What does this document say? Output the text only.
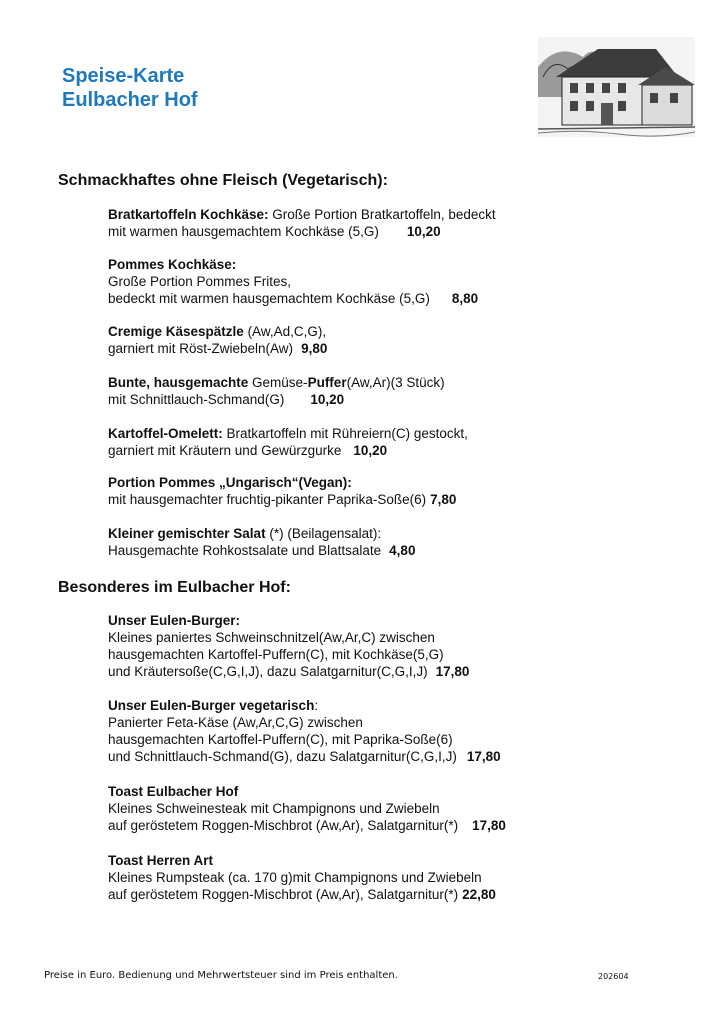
Speise-Karte
Eulbacher Hof
Schmackhaftes ohne Fleisch (Vegetarisch):
Bratkartoffeln Kochkäse: Große Portion Bratkartoffeln, bedeckt
mit warmen hausgemachtem Kochkäse (5,G) 10,20
Pommes Kochkäse:
Große Portion Pommes Frites,
bedeckt mit warmen hausgemachtem Kochkäse (5,G) 8,80
Cremige Käsespätzle (Aw,Ad,C,G),
garniert mit Röst-Zwiebeln(Aw) 9,80
Bunte, hausgemachte Gemüse-Puffer(Aw,Ar)(3 Stück)
mit Schnittlauch-Schmand(G) 10,20
Kartoffel-Omelett: Bratkartoffeln mit Rühreiern(C) gestockt,
garniert mit Kräutern und Gewürzgurke 10,20
Portion Pommes „Ungarisch“(Vegan):
mit hausgemachter fruchtig-pikanter Paprika-Soße(6) 7,80
Kleiner gemischter Salat (*) (Beilagensalat):
Hausgemachte Rohkostsalate und Blattsalate 4,80
Besonderes im Eulbacher Hof:
Unser Eulen-Burger:
Kleines paniertes Schweinschnitzel(Aw,Ar,C) zwischen
hausgemachten Kartoffel-Puffern(C), mit Kochkäse(5,G)
und Kräutersoße(C,G,I,J), dazu Salatgarnitur(C,G,I,J) 17,80
Unser Eulen-Burger vegetarisch:
Panierter Feta-Käse (Aw,Ar,C,G) zwischen
hausgemachten Kartoffel-Puffern(C), mit Paprika-Soße(6)
und Schnittlauch-Schmand(G), dazu Salatgarnitur(C,G,I,J) 17,80
Toast Eulbacher Hof
Kleines Schweinesteak mit Champignons und Zwiebeln
auf geröstetem Roggen-Mischbrot (Aw,Ar), Salatgarnitur(*) 17,80
Toast Herren Art
Kleines Rumpsteak (ca. 170 g)mit Champignons und Zwiebeln
auf geröstetem Roggen-Mischbrot (Aw,Ar), Salatgarnitur(*) 22,80
Preise in Euro. Bedienung und Mehrwertsteuer sind im Preis enthalten.	202604
